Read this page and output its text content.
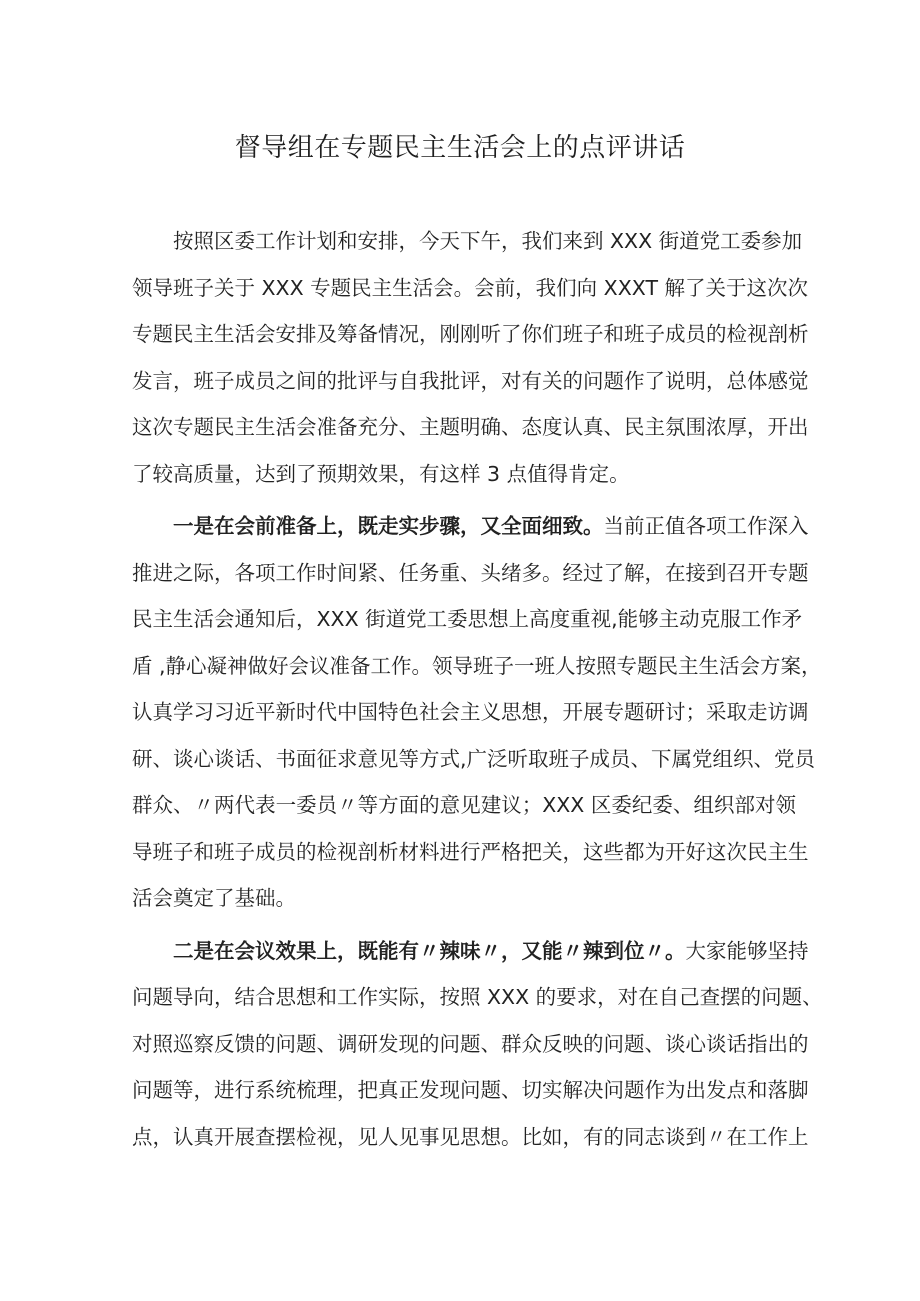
督导组在专题民主生活会上的点评讲话
按照区委工作计划和安排，今天下午，我们来到 XXX 街道党工委参加
领导班子关于 XXX 专题民主生活会。会前，我们向 XXXT 解了关于这次次
专题民主生活会安排及筹备情况，刚刚听了你们班子和班子成员的检视剖析
发言，班子成员之间的批评与自我批评，对有关的问题作了说明，总体感觉
这次专题民主生活会准备充分、主题明确、态度认真、民主氛围浓厚，开出
了较高质量，达到了预期效果，有这样 3 点值得肯定。
一是在会前准备上，既走实步骤，又全面细致。当前正值各项工作深入
推进之际，各项工作时间紧、任务重、头绪多。经过了解，在接到召开专题
民主生活会通知后，XXX 街道党工委思想上高度重视,能够主动克服工作矛
盾 ,静心凝神做好会议准备工作。领导班子一班人按照专题民主生活会方案，
认真学习习近平新时代中国特色社会主义思想，开展专题研讨；采取走访调
研、谈心谈话、书面征求意见等方式,广泛听取班子成员、下属党组织、党员
群众、〃两代表一委员〃等方面的意见建议；XXX 区委纪委、组织部对领
导班子和班子成员的检视剖析材料进行严格把关，这些都为开好这次民主生
活会奠定了基础。
二是在会议效果上，既能有〃辣味〃，又能〃辣到位〃。大家能够坚持
问题导向，结合思想和工作实际，按照 XXX 的要求，对在自己查摆的问题、
对照巡察反馈的问题、调研发现的问题、群众反映的问题、谈心谈话指出的
问题等，进行系统梳理，把真正发现问题、切实解决问题作为出发点和落脚
点，认真开展查摆检视，见人见事见思想。比如，有的同志谈到〃在工作上
